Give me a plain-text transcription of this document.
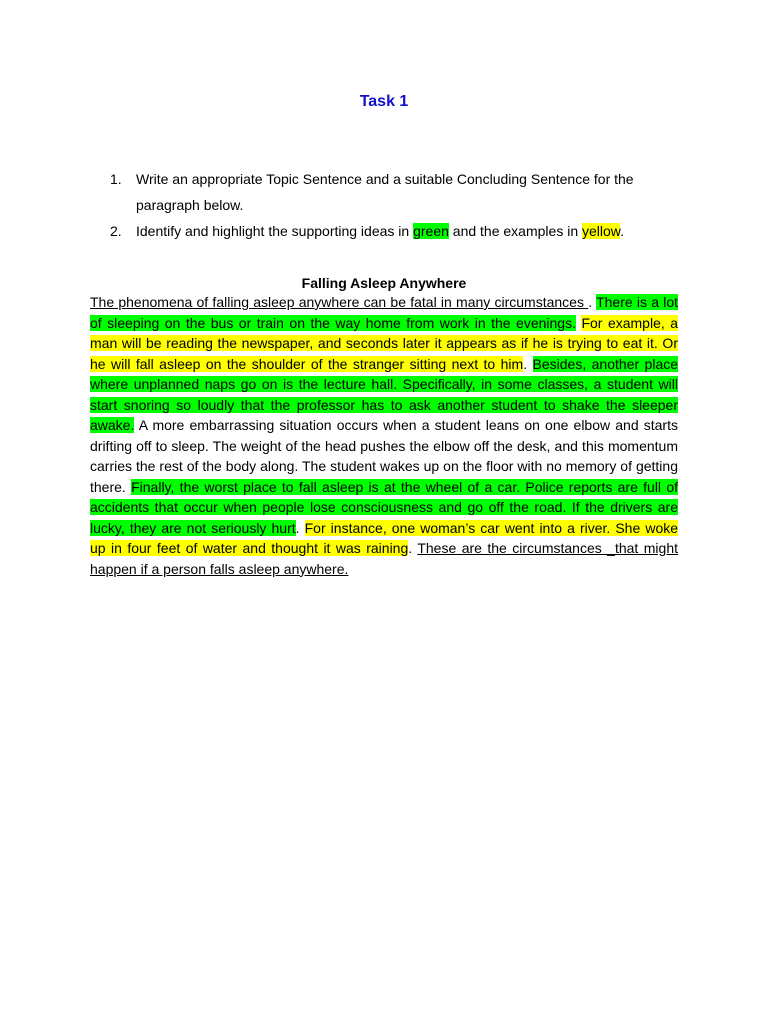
Task 1
1. Write an appropriate Topic Sentence and a suitable Concluding Sentence for the paragraph below.
2. Identify and highlight the supporting ideas in green and the examples in yellow.
Falling Asleep Anywhere

The phenomena of falling asleep anywhere can be fatal in many circumstances . There is a lot of sleeping on the bus or train on the way home from work in the evenings. For example, a man will be reading the newspaper, and seconds later it appears as if he is trying to eat it. Or he will fall asleep on the shoulder of the stranger sitting next to him. Besides, another place where unplanned naps go on is the lecture hall. Specifically, in some classes, a student will start snoring so loudly that the professor has to ask another student to shake the sleeper awake. A more embarrassing situation occurs when a student leans on one elbow and starts drifting off to sleep. The weight of the head pushes the elbow off the desk, and this momentum carries the rest of the body along. The student wakes up on the floor with no memory of getting there. Finally, the worst place to fall asleep is at the wheel of a car. Police reports are full of accidents that occur when people lose consciousness and go off the road. If the drivers are lucky, they are not seriously hurt. For instance, one woman’s car went into a river. She woke up in four feet of water and thought it was raining. These are the circumstances _that might happen if a person falls asleep anywhere.
